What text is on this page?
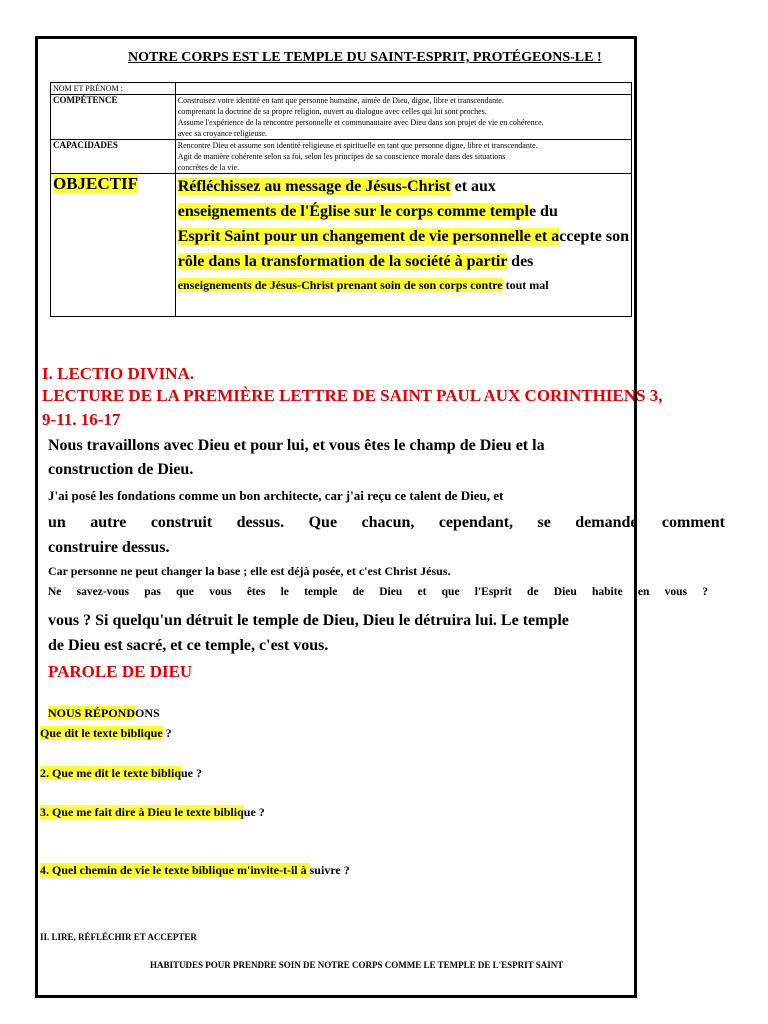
NOTRE CORPS EST LE TEMPLE DU SAINT-ESPRIT, PROTÉGEONS-LE !
NOM ET PRÉNOM :	
COMPÉTENCE	Construisez votre identité en tant que personne humaine, aimée de Dieu, digne, libre et transcendante.
comprenant la doctrine de sa propre religion, ouvert au dialogue avec celles qui lui sont proches.
Assume l'expérience de la rencontre personnelle et communautaire avec Dieu dans son projet de vie en cohérence.
avec sa croyance religieuse.

CAPACIDADES	Rencontre Dieu et assume son identité religieuse et spirituelle en tant que personne digne, libre et transcendante.
Agit de manière cohérente selon sa foi, selon les principes de sa conscience morale dans des situations
concrètes de la vie.

OBJECTIF	Réfléchissez au message de Jésus-Christ et aux
enseignements de l'Église sur le corps comme temple du
Esprit Saint pour un changement de vie personnelle et accepte son
rôle dans la transformation de la société à partir des
enseignements de Jésus-Christ prenant soin de son corps contre tout mal
I. LECTIO DIVINA.
LECTURE DE LA PREMIÈRE LETTRE DE SAINT PAUL AUX CORINTHIENS 3,
9-11. 16-17
Nous travaillons avec Dieu et pour lui, et vous êtes le champ de Dieu et la
construction de Dieu.
J'ai posé les fondations comme un bon architecte, car j'ai reçu ce talent de Dieu, et
un autre construit dessus. Que chacun, cependant, se demande comment
construire dessus.
Car personne ne peut changer la base ; elle est déjà posée, et c'est Christ Jésus.
Ne savez-vous pas que vous êtes le temple de Dieu et que l'Esprit de Dieu habite en vous ?
vous ? Si quelqu'un détruit le temple de Dieu, Dieu le détruira lui. Le temple
de Dieu est sacré, et ce temple, c'est vous.
PAROLE DE DIEU
NOUS RÉPONDONS
Que dit le texte biblique ?
2. Que me dit le texte biblique ?
3. Que me fait dire à Dieu le texte biblique ?
4. Quel chemin de vie le texte biblique m'invite-t-il à suivre ?
II. LIRE, RÉFLÉCHIR ET ACCEPTER
HABITUDES POUR PRENDRE SOIN DE NOTRE CORPS COMME LE TEMPLE DE L'ESPRIT SAINT
